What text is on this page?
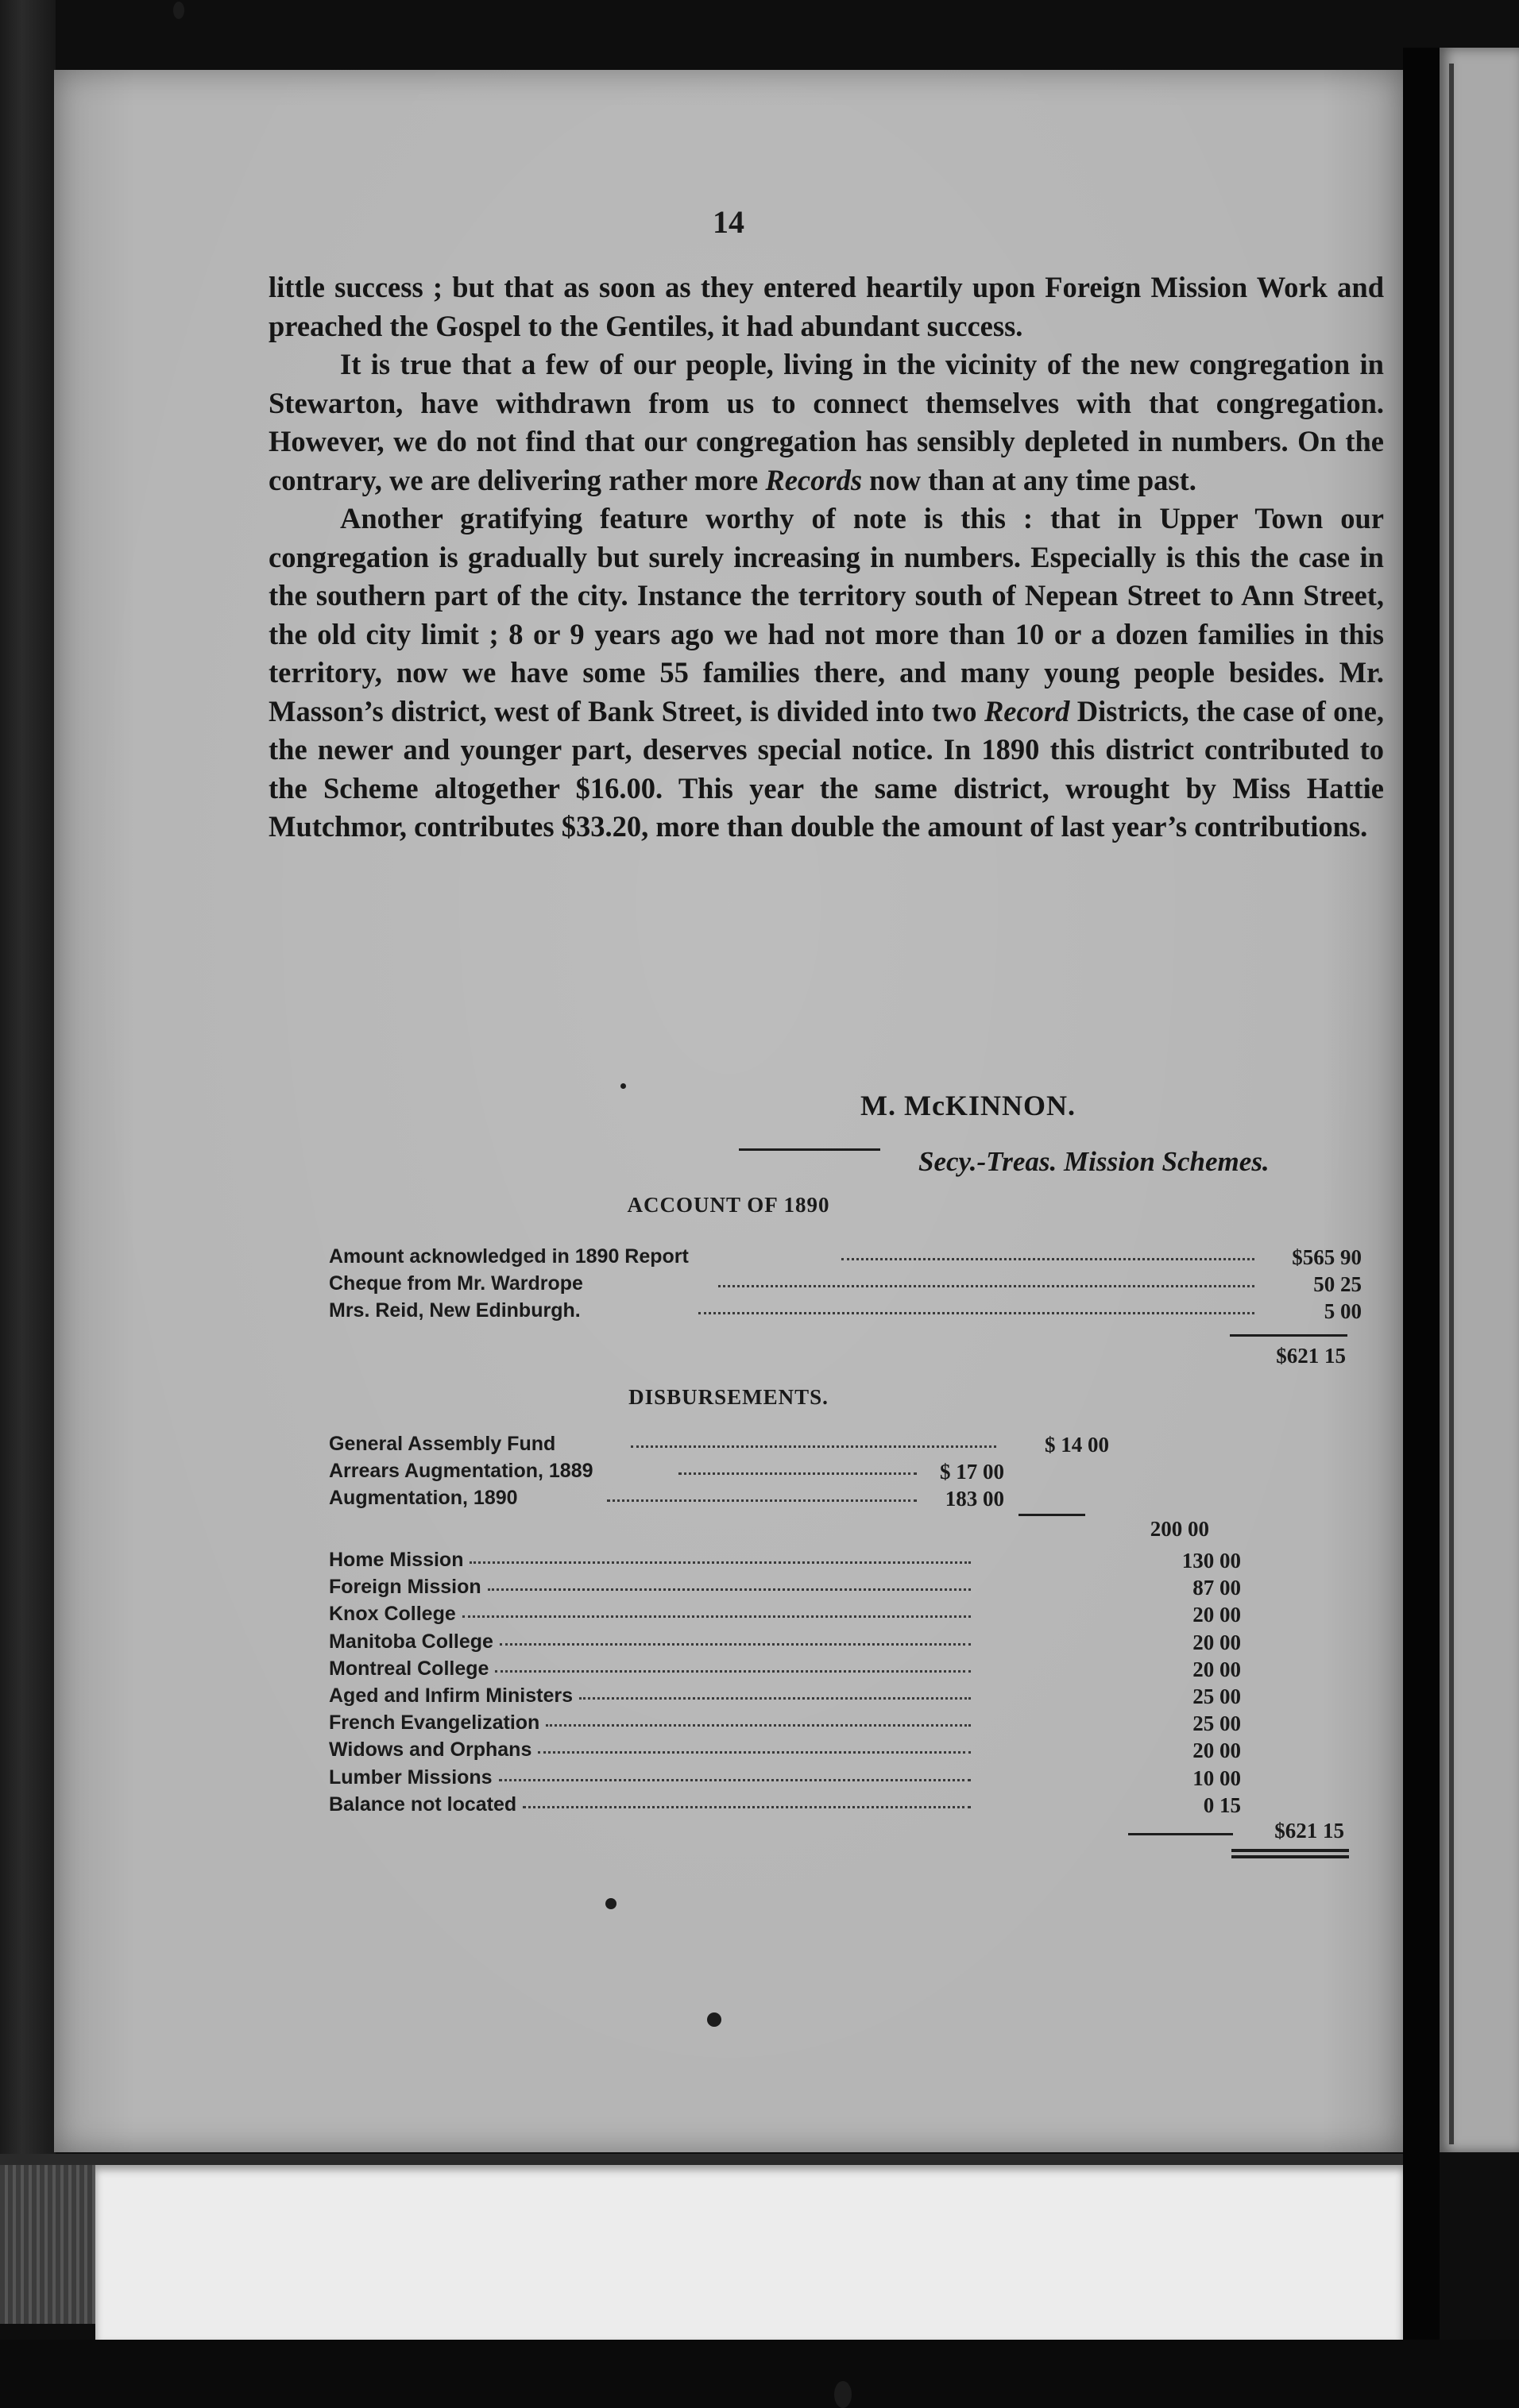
14

little success ; but that as soon as they entered heartily upon Foreign Mission Work and preached the Gospel to the Gentiles, it had abundant success.

It is true that a few of our people, living in the vicinity of the new congregation in Stewarton, have withdrawn from us to connect themselves with that congregation. However, we do not find that our congregation has sensibly depleted in numbers. On the contrary, we are delivering rather more Records now than at any time past.

Another gratifying feature worthy of note is this : that in Upper Town our congregation is gradually but surely increasing in numbers. Especially is this the case in the southern part of the city. Instance the territory south of Nepean Street to Ann Street, the old city limit ; 8 or 9 years ago we had not more than 10 or a dozen families in this territory, now we have some 55 families there, and many young people besides. Mr. Masson’s district, west of Bank Street, is divided into two Record Districts, the case of one, the newer and younger part, deserves special notice. In 1890 this district contributed to the Scheme altogether $16.00. This year the same district, wrought by Miss Hattie Mutchmor, contributes $33.20, more than double the amount of last year’s contributions.

M. McKINNON.
Secy.-Treas. Mission Schemes.
ACCOUNT OF 1890
Amount acknowledged in 1890 Report	$565 90
Cheque from Mr. Wardrope	50 25
Mrs. Reid, New Edinburgh.	5 00
$621 15
DISBURSEMENTS.
General Assembly Fund	$ 14 00
Arrears Augmentation, 1889	$ 17 00
Augmentation, 1890	183 00
200 00
Home Mission	130 00
Foreign Mission	87 00
Knox College	20 00
Manitoba College	20 00
Montreal College	20 00
Aged and Infirm Ministers	25 00
French Evangelization	25 00
Widows and Orphans	20 00
Lumber Missions	10 00
Balance not located	0 15
$621 15
